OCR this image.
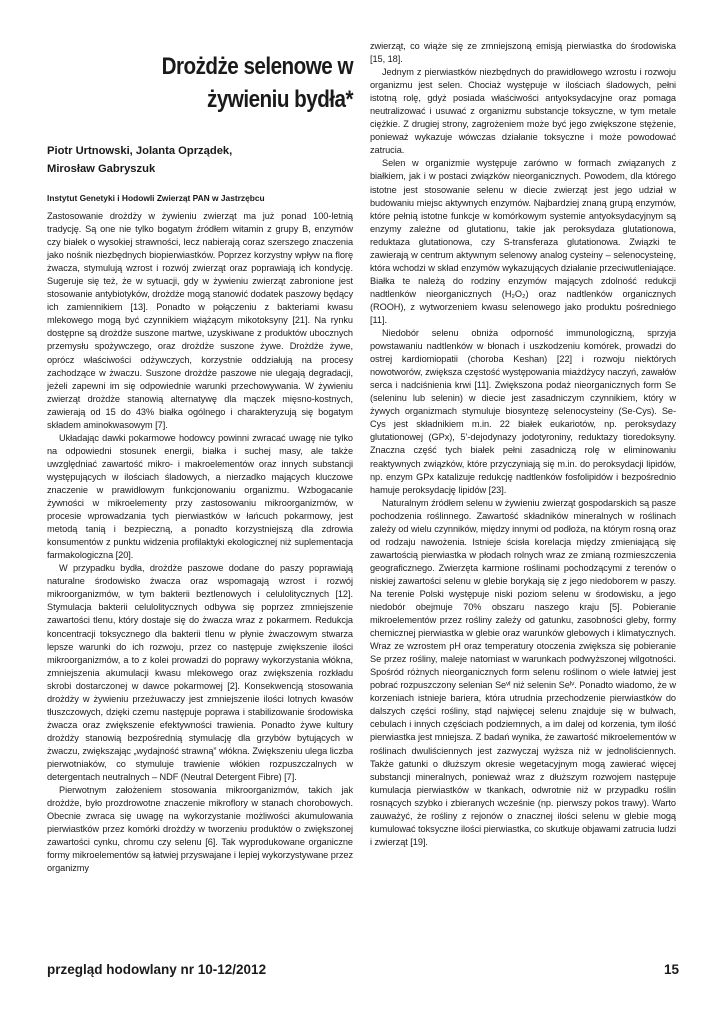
Drożdże selenowe w
żywieniu bydła*
Piotr Urtnowski, Jolanta Oprządek,
Mirosław Gabryszuk
Instytut Genetyki i Hodowli Zwierząt PAN w Jastrzębcu

Zastosowanie drożdży w żywieniu zwierząt ma już ponad 100-letnią tradycję. Są one nie tylko bogatym źródłem witamin z grupy B, enzymów czy białek o wysokiej strawności, lecz nabierają coraz szerszego znaczenia jako nośnik niezbędnych biopierwiastków. Poprzez korzystny wpływ na florę żwacza, stymulują wzrost i rozwój zwierząt oraz poprawiają ich kondycję. Sugeruje się też, że w sytuacji, gdy w żywieniu zwierząt zabronione jest stosowanie antybiotyków, drożdże mogą stanowić dodatek paszowy będący ich zamiennikiem [13]. Ponadto w połączeniu z bakteriami kwasu mlekowego mogą być czynnikiem wiążącym mikotoksyny [21]. Na rynku dostępne są drożdże suszone martwe, uzyskiwane z produktów ubocznych przemysłu spożywczego, oraz drożdże suszone żywe. Drożdże żywe, oprócz właściwości odżywczych, korzystnie oddziałują na procesy zachodzące w żwaczu. Suszone drożdże paszowe nie ulegają degradacji, jeżeli zapewni im się odpowiednie warunki przechowywania. W żywieniu zwierząt drożdże stanowią alternatywę dla mączek mięsno-kostnych, zawierają od 15 do 43% białka ogólnego i charakteryzują się bogatym składem aminokwasowym [7].

Układając dawki pokarmowe hodowcy powinni zwracać uwagę nie tylko na odpowiedni stosunek energii, białka i suchej masy, ale także uwzględniać zawartość mikro- i makroelementów oraz innych substancji występujących w ilościach śladowych, a nierzadko mających kluczowe znaczenie w prawidłowym funkcjonowaniu organizmu. Wzbogacanie żywności w mikroelementy przy zastosowaniu mikroorganizmów, w procesie wprowadzania tych pierwiastków w łańcuch pokarmowy, jest metodą tanią i bezpieczną, a ponadto korzystniejszą dla zdrowia konsumentów z punktu widzenia profilaktyki ekologicznej niż suplementacja farmakologiczna [20].

W przypadku bydła, drożdże paszowe dodane do paszy poprawiają naturalne środowisko żwacza oraz wspomagają wzrost i rozwój mikroorganizmów, w tym bakterii beztlenowych i celulolitycznych [12]. Stymulacja bakterii celulolitycznych odbywa się poprzez zmniejszenie zawartości tlenu, który dostaje się do żwacza wraz z pokarmem. Redukcja koncentracji toksycznego dla bakterii tlenu w płynie żwaczowym stwarza lepsze warunki do ich rozwoju, przez co następuje zwiększenie ilości mikroorganizmów, a to z kolei prowadzi do poprawy wykorzystania włókna, zmniejszenia akumulacji kwasu mlekowego oraz zwiększenia rozkładu skrobi dostarczonej w dawce pokarmowej [2]. Konsekwencją stosowania drożdży w żywieniu przeżuwaczy jest zmniejszenie ilości lotnych kwasów tłuszczowych, dzięki czemu następuje poprawa i stabilizowanie środowiska żwacza oraz zwiększenie efektywności trawienia. Ponadto żywe kultury drożdży stanowią bezpośrednią stymulację dla grzybów bytujących w żwaczu, zwiększając „wydajność strawną” włókna. Zwiększeniu ulega liczba pierwotniaków, co stymuluje trawienie włókien rozpuszczalnych w detergentach neutralnych – NDF (Neutral Detergent Fibre) [7].

Pierwotnym założeniem stosowania mikroorganizmów, takich jak drożdże, było prozdrowotne znaczenie mikroflory w stanach chorobowych. Obecnie zwraca się uwagę na wykorzystanie możliwości akumulowania pierwiastków przez komórki drożdży w tworzeniu produktów o zwiększonej zawartości cynku, chromu czy selenu [6]. Tak wyprodukowane organiczne formy mikroelementów są łatwiej przyswajane i lepiej wykorzystywane przez organizmy

zwierząt, co wiąże się ze zmniejszoną emisją pierwiastka do środowiska [15, 18].

Jednym z pierwiastków niezbędnych do prawidłowego wzrostu i rozwoju organizmu jest selen. Chociaż występuje w ilościach śladowych, pełni istotną rolę, gdyż posiada właściwości antyoksydacyjne oraz pomaga neutralizować i usuwać z organizmu substancje toksyczne, w tym metale ciężkie. Z drugiej strony, zagrożeniem może być jego zwiększone stężenie, ponieważ wykazuje wówczas działanie toksyczne i może powodować zatrucia.

Selen w organizmie występuje zarówno w formach związanych z białkiem, jak i w postaci związków nieorganicznych. Powodem, dla którego istotne jest stosowanie selenu w diecie zwierząt jest jego udział w budowaniu miejsc aktywnych enzymów. Najbardziej znaną grupą enzymów, które pełnią istotne funkcje w komórkowym systemie antyoksydacyjnym są enzymy zależne od glutationu, takie jak peroksydaza glutationowa, reduktaza glutationowa, czy S-transferaza glutationowa. Związki te zawierają w centrum aktywnym selenowy analog cysteiny – selenocysteinę, która wchodzi w skład enzymów wykazujących działanie przeciwutleniające. Białka te należą do rodziny enzymów mających zdolność redukcji nadtlenków nieorganicznych (H₂O₂) oraz nadtlenków organicznych (ROOH), z wytworzeniem kwasu selenowego jako produktu pośredniego [11].

Niedobór selenu obniża odporność immunologiczną, sprzyja powstawaniu nadtlenków w błonach i uszkodzeniu komórek, prowadzi do ostrej kardiomiopatii (choroba Keshan) [22] i rozwoju niektórych nowotworów, zwiększa częstość występowania miażdżycy naczyń, zawałów serca i nadciśnienia krwi [11]. Zwiększona podaż nieorganicznych form Se (seleninu lub selenin) w diecie jest zasadniczym czynnikiem, który w żywych organizmach stymuluje biosyntezę selenocysteiny (Se-Cys). Se-Cys jest składnikiem m.in. 22 białek eukariotów, np. peroksydazy glutationowej (GPx), 5’-dejodynazy jodotyroniny, reduktazy tioredoksyny. Znaczna część tych białek pełni zasadniczą rolę w eliminowaniu reaktywnych związków, które przyczyniają się m.in. do peroksydacji lipidów, np. enzym GPx katalizuje redukcję nadtlenków fosfolipidów i bezpośrednio hamuje peroksydację lipidów [23].

Naturalnym źródłem selenu w żywieniu zwierząt gospodarskich są pasze pochodzenia roślinnego. Zawartość składników mineralnych w roślinach zależy od wielu czynników, między innymi od podłoża, na którym rosną oraz od rodzaju nawożenia. Istnieje ścisła korelacja między zmieniającą się zawartością pierwiastka w płodach rolnych wraz ze zmianą rozmieszczenia geograficznego. Zwierzęta karmione roślinami pochodzącymi z terenów o niskiej zawartości selenu w glebie borykają się z jego niedoborem w paszy. Na terenie Polski występuje niski poziom selenu w środowisku, a jego niedobór obejmuje 70% obszaru naszego kraju [5]. Pobieranie mikroelementów przez rośliny zależy od gatunku, zasobności gleby, formy chemicznej pierwiastka w glebie oraz warunków glebowych i klimatycznych. Wraz ze wzrostem pH oraz temperatury otoczenia zwiększa się pobieranie Se przez rośliny, maleje natomiast w warunkach podwyższonej wilgotności. Spośród różnych nieorganicznych form selenu roślinom o wiele łatwiej jest pobrać rozpuszczony selenian Seᵛᴵ niż selenin Seᴵᵛ. Ponadto wiadomo, że w korzeniach istnieje bariera, która utrudnia przechodzenie pierwiastków do dalszych części rośliny, stąd najwięcej selenu znajduje się w bulwach, cebulach i innych częściach podziemnych, a im dalej od korzenia, tym ilość pierwiastka jest mniejsza. Z badań wynika, że zawartość mikroelementów w roślinach dwuliściennych jest zazwyczaj wyższa niż w jednoliściennych. Także gatunki o dłuższym okresie wegetacyjnym mogą zawierać więcej substancji mineralnych, ponieważ wraz z dłuższym rozwojem następuje kumulacja pierwiastków w tkankach, odwrotnie niż w przypadku roślin rosnących szybko i zbieranych wcześnie (np. pierwszy pokos trawy). Warto zauważyć, że rośliny z rejonów o znacznej ilości selenu w glebie mogą kumulować toksyczne ilości pierwiastka, co skutkuje objawami zatrucia ludzi i zwierząt [19].

przegląd hodowlany nr 10-12/2012	15
